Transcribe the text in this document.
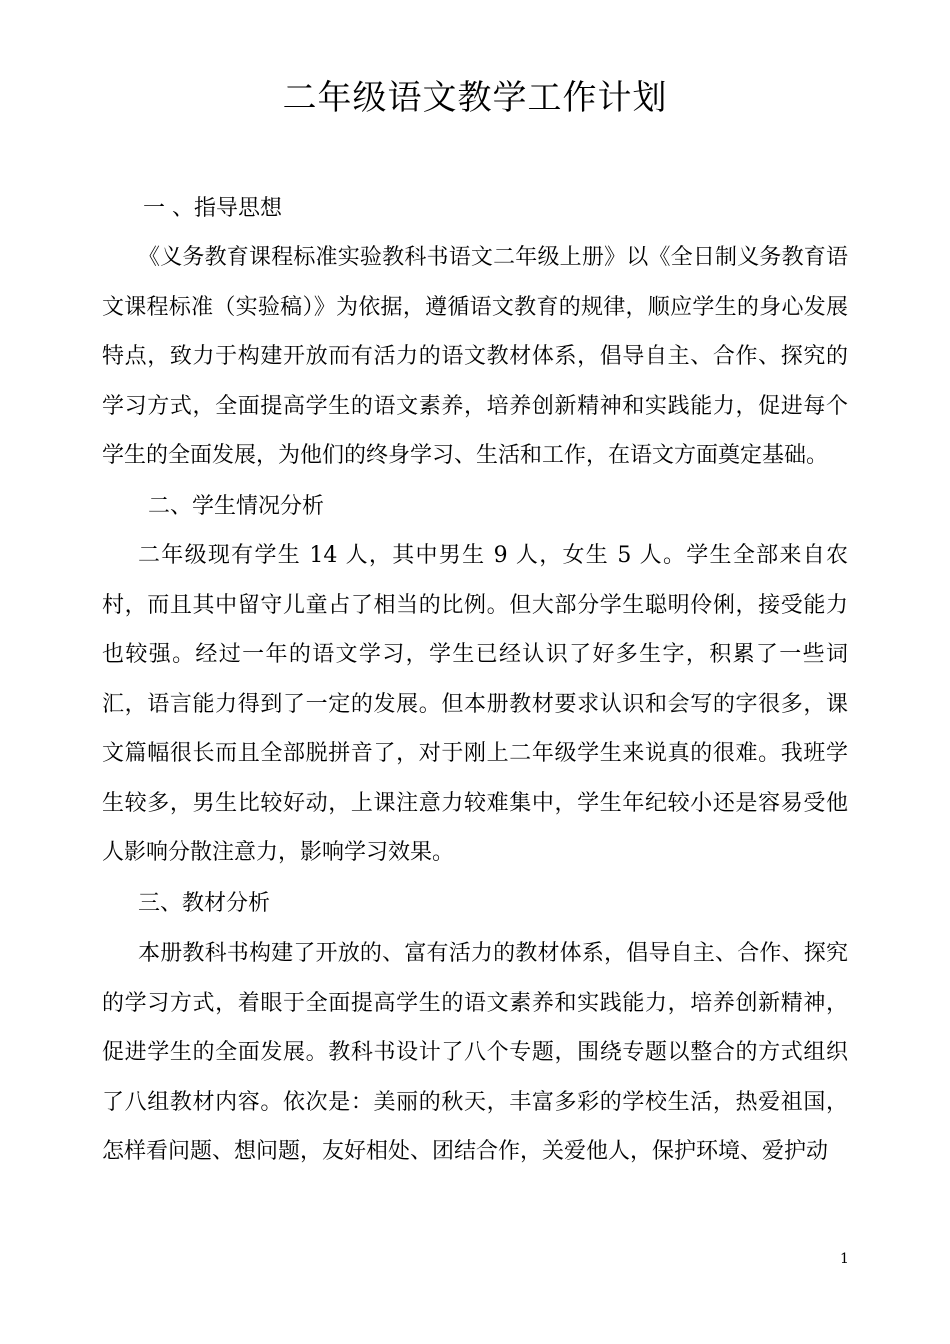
二年级语文教学工作计划
一 、指导思想
《义务教育课程标准实验教科书语文二年级上册》以《全日制义务教育语文课程标准（实验稿）》为依据，遵循语文教育的规律，顺应学生的身心发展特点，致力于构建开放而有活力的语文教材体系，倡导自主、合作、探究的学习方式，全面提高学生的语文素养，培养创新精神和实践能力，促进每个学生的全面发展，为他们的终身学习、生活和工作，在语文方面奠定基础。
二、学生情况分析
二年级现有学生 14 人，其中男生 9 人，女生 5 人。学生全部来自农村，而且其中留守儿童占了相当的比例。但大部分学生聪明伶俐，接受能力也较强。经过一年的语文学习，学生已经认识了好多生字，积累了一些词汇，语言能力得到了一定的发展。但本册教材要求认识和会写的字很多，课文篇幅很长而且全部脱拼音了，对于刚上二年级学生来说真的很难。我班学生较多，男生比较好动，上课注意力较难集中，学生年纪较小还是容易受他人影响分散注意力，影响学习效果。
三、教材分析
本册教科书构建了开放的、富有活力的教材体系，倡导自主、合作、探究的学习方式，着眼于全面提高学生的语文素养和实践能力，培养创新精神，促进学生的全面发展。教科书设计了八个专题，围绕专题以整合的方式组织了八组教材内容。依次是：美丽的秋天，丰富多彩的学校生活，热爱祖国，怎样看问题、想问题，友好相处、团结合作，关爱他人，保护环境、爱护动
1
